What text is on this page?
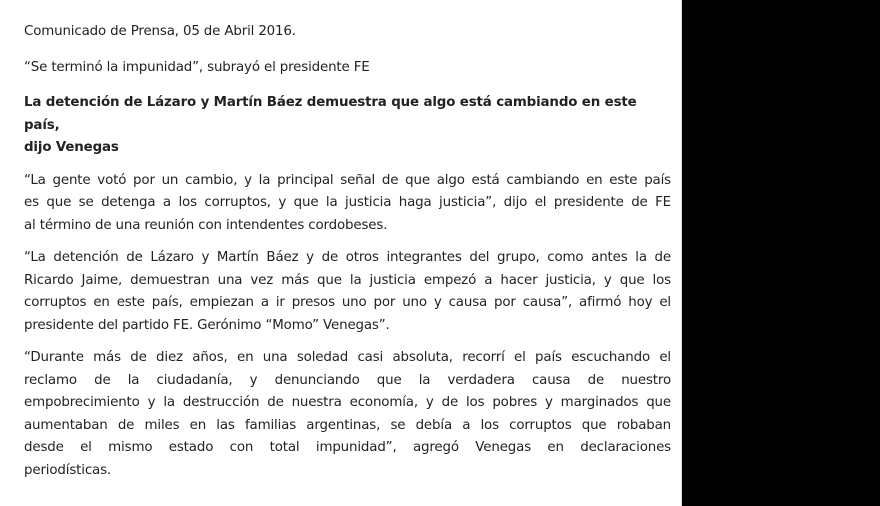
Comunicado de Prensa, 05 de Abril 2016.

“Se terminó la impunidad”, subrayó el presidente FE

La detención de Lázaro y Martín Báez demuestra que algo está cambiando en este país,
dijo Venegas

“La gente votó por un cambio, y la principal señal de que algo está cambiando en este país
es que se detenga a los corruptos, y que la justicia haga justicia”, dijo el presidente de FE
al término de una reunión con intendentes cordobeses.

“La detención de Lázaro y Martín Báez y de otros integrantes del grupo, como antes la de
Ricardo Jaime, demuestran una vez más que la justicia empezó a hacer justicia, y que los
corruptos en este país, empiezan a ir presos uno por uno y causa por causa”, afirmó hoy el
presidente del partido FE. Gerónimo “Momo” Venegas”.

“Durante más de diez años, en una soledad casi absoluta, recorrí el país escuchando el
reclamo de la ciudadanía, y denunciando que la verdadera causa de nuestro
empobrecimiento y la destrucción de nuestra economía, y de los pobres y marginados que
aumentaban de miles en las familias argentinas, se debía a los corruptos que robaban
desde el mismo estado con total impunidad”, agregó Venegas en declaraciones
periodísticas.
